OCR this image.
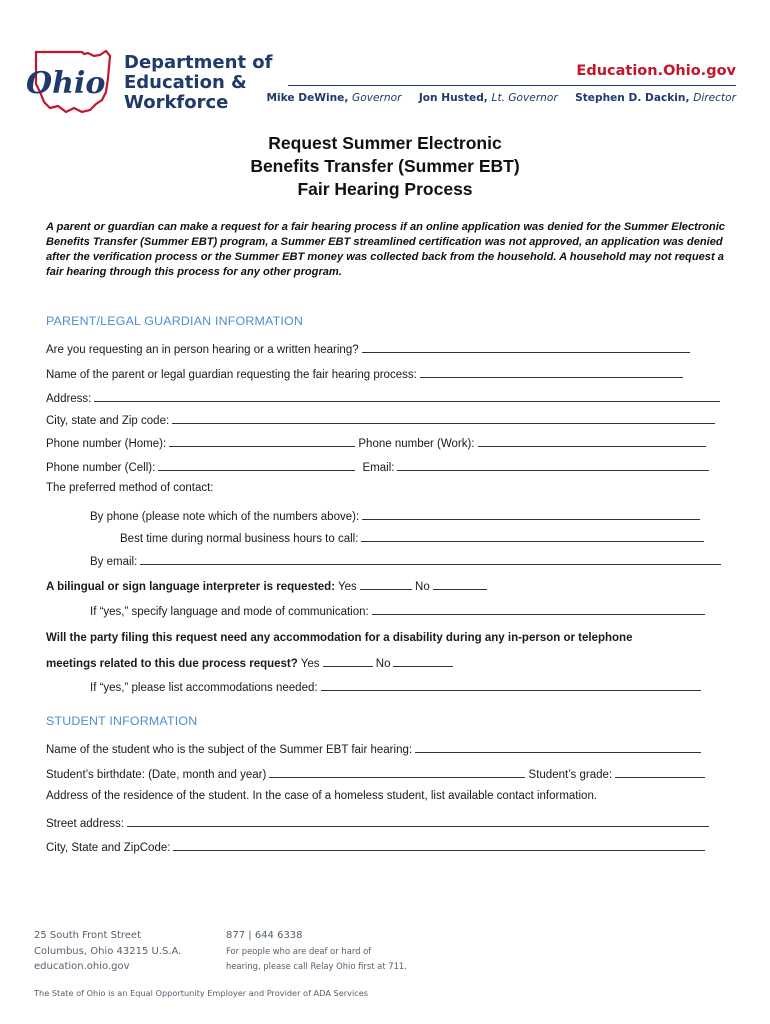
Ohio
Department of
Education &
Workforce
Education.Ohio.gov
Mike DeWine, Governor Jon Husted, Lt. Governor Stephen D. Dackin, Director
Request Summer Electronic
Benefits Transfer (Summer EBT)
Fair Hearing Process
A parent or guardian can make a request for a fair hearing process if an online application was denied for the Summer Electronic Benefits Transfer (Summer EBT) program, a Summer EBT streamlined certification was not approved, an application was denied after the verification process or the Summer EBT money was collected back from the household. A household may not request a fair hearing through this process for any other program.
PARENT/LEGAL GUARDIAN INFORMATION
Are you requesting an in person hearing or a written hearing?
Name of the parent or legal guardian requesting the fair hearing process:
Address:
City, state and Zip code:
Phone number (Home):	Phone number (Work):
Phone number (Cell):	Email:
The preferred method of contact:
By phone (please note which of the numbers above):
Best time during normal business hours to call:
By email:
A bilingual or sign language interpreter is requested: Yes	No
If “yes,” specify language and mode of communication:
Will the party filing this request need any accommodation for a disability during any in-person or telephone
meetings related to this due process request? Yes	No
If “yes,” please list accommodations needed:
STUDENT INFORMATION
Name of the student who is the subject of the Summer EBT fair hearing:
Student’s birthdate: (Date, month and year)	Student’s grade:
Address of the residence of the student. In the case of a homeless student, list available contact information.
Street address:
City, State and ZipCode:
25 South Front Street
Columbus, Ohio 43215 U.S.A.
education.ohio.gov
877 | 644 6338
For people who are deaf or hard of
hearing, please call Relay Ohio first at 711.
The State of Ohio is an Equal Opportunity Employer and Provider of ADA Services
